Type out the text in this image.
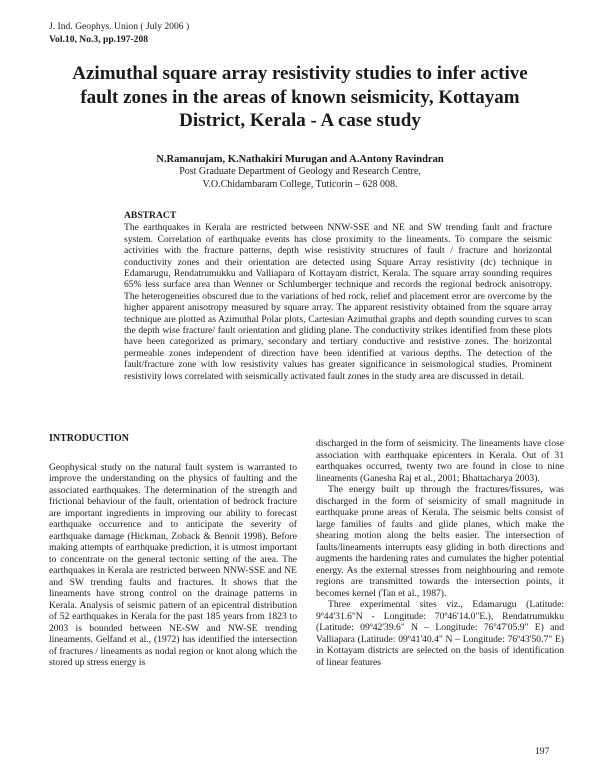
J. Ind. Geophys. Union ( July 2006 )
Vol.10, No.3, pp.197-208
Azimuthal square array resistivity studies to infer active fault zones in the areas of known seismicity, Kottayam District, Kerala - A case study
N.Ramanujam, K.Nathakiri Murugan and A.Antony Ravindran
Post Graduate Department of Geology and Research Centre,
V.O.Chidambaram College, Tuticorin – 628 008.
ABSTRACT
The earthquakes in Kerala are restricted between NNW-SSE and NE and SW trending fault and fracture system. Correlation of earthquake events has close proximity to the lineaments. To compare the seismic activities with the fracture patterns, depth wise resistivity structures of fault / fracture and horizontal conductivity zones and their orientation are detected using Square Array resistivity (dc) technique in Edamarugu, Rendatrumukku and Valliapara of Kottayam district, Kerala. The square array sounding requires 65% less surface area than Wenner or Schlumberger technique and records the regional bedrock anisotropy. The heterogeneities obscured due to the variations of bed rock, relief and placement error are overcome by the higher apparent anisotropy measured by square array. The apparent resistivity obtained from the square array technique are plotted as Azimuthal Polar plots, Cartesian Azimuthal graphs and depth sounding curves to scan the depth wise fracture/ fault orientation and gliding plane. The conductivity strikes identified from these plots have been categorized as primary, secondary and tertiary conductive and resistive zones. The horizontal permeable zones independent of direction have been identified at various depths. The detection of the fault/fracture zone with low resistivity values has greater significance in seismological studies. Prominent resistivity lows correlated with seismically activated fault zones in the study area are discussed in detail.
INTRODUCTION

Geophysical study on the natural fault system is warranted to improve the understanding on the physics of faulting and the associated earthquakes. The determination of the strength and frictional behaviour of the fault, orientation of bedrock fracture are important ingredients in improving our ability to forecast earthquake occurrence and to anticipate the severity of earthquake damage (Hickman, Zoback & Benoit 1998). Before making attempts of earthquake prediction, it is utmost important to concentrate on the general tectonic setting of the area. The earthquakes in Kerala are restricted between NNW-SSE and NE and SW trending faults and fractures. It shows that the lineaments have strong control on the drainage patterns in Kerala. Analysis of seismic pattern of an epicentral distribution of 52 earthquakes in Kerala for the past 185 years from 1823 to 2003 is bounded between NE-SW and NW-SE trending lineaments. Gelfand et al., (1972) has identified the intersection of fractures / lineaments as nodal region or knot along which the stored up stress energy is

discharged in the form of seismicity. The lineaments have close association with earthquake epicenters in Kerala. Out of 31 earthquakes occurred, twenty two are found in close to nine lineaments (Ganesha Raj et al., 2001; Bhattacharya 2003).

The energy built up through the fractures/fissures, was discharged in the form of seismicity of small magnitude in earthquake prone areas of Kerala. The seismic belts consist of large families of faults and glide planes, which make the shearing motion along the belts easier. The intersection of faults/lineaments interrupts easy gliding in both directions and augments the hardening rates and cumulates the higher potential energy. As the external stresses from neighbouring and remote regions are transmitted towards the intersection points, it becomes kernel (Tan et al., 1987).

Three experimental sites viz., Edamarugu (Latitude: 9º44'31.6"N - Longitude: 70º46'14.0"E.), Rendatrumukku (Latitude: 09º42'39.6" N – Longitude: 76º47'05.9" E) and Valliapara (Latitude: 09º41'40.4" N – Longitude: 76º43'50.7" E) in Kottayam districts are selected on the basis of identification of linear features

197
